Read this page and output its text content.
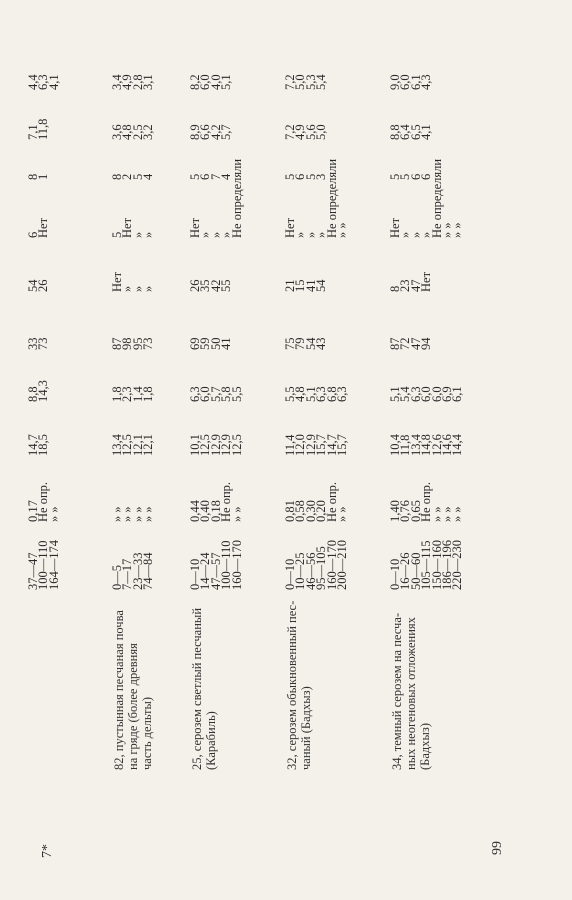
7*	99
37—47
100—110
164—174
0,17
Не опр.
» »
14,7
18,5
8,8
14,3
33
73
54
26
6
Нет
8
1
7,1
11,8
4,4
6,3
4,1
82, пустынная песчаная почва на гряде (более древняя часть дельты)
0—5
7—17
23—33
74—84
» »
» »
» »
» »
13,4
12,5
12,1
12,1
1,8
2,3
1,4
1,8
87
98
95
73
Нет
»
»
»
5
Нет
»
»
8
2
5
4
3,6
4,8
2,5
3,2
3,4
4,9
2,8
3,1
25, серозем светлый песчаный (Карабиль)
0—10
14—24
47—57
100—110
160—170
0,44
0,40
0,18
Не опр.
» »
10,1
12,5
12,9
12,9
12,5
6,3
6,0
5,7
5,8
5,5
69
59
50
41
26
35
42
55
Нет
»
»
»
Не определяли
5
6
7
4
8,9
6,6
4,2
5,7
8,2
6,0
4,0
5,1
32, серозем обыкновенный пес- чаный (Бадхыз)
0—10
10—25
46—56
95—105
160—170
200—210
0,81
0,58
0,30
0,20
Не опр.
» »
11,4
12,0
12,9
15,7
14,7
15,7
5,5
4,8
5,1
6,3
6,8
6,3
75
79
54
43
21
15
41
54
Нет
»
»
»
Не определяли
» »
5
6
5
3
7,2
4,9
5,6
5,0
7,2
5,0
5,3
5,4
34, темный серозем на песча- ных неогеновых отложениях (Бадхыз)
0—10
16—26
50—60
105—115
150—160
186—196
220—230
1,40
0,76
0,65
Не опр.
» »
» »
» »
10,4
11,8
13,4
14,8
12,6
14,6
14,4
5,1
5,4
6,3
6,0
6,0
6,9
6,1
87
72
47
94
8
23
47
Нет
Нет
»
»
»
Не определяли
» »
» »
5
5
6
6
8,8
6,4
6,5
4,1
9,0
6,0
6,1
4,3
